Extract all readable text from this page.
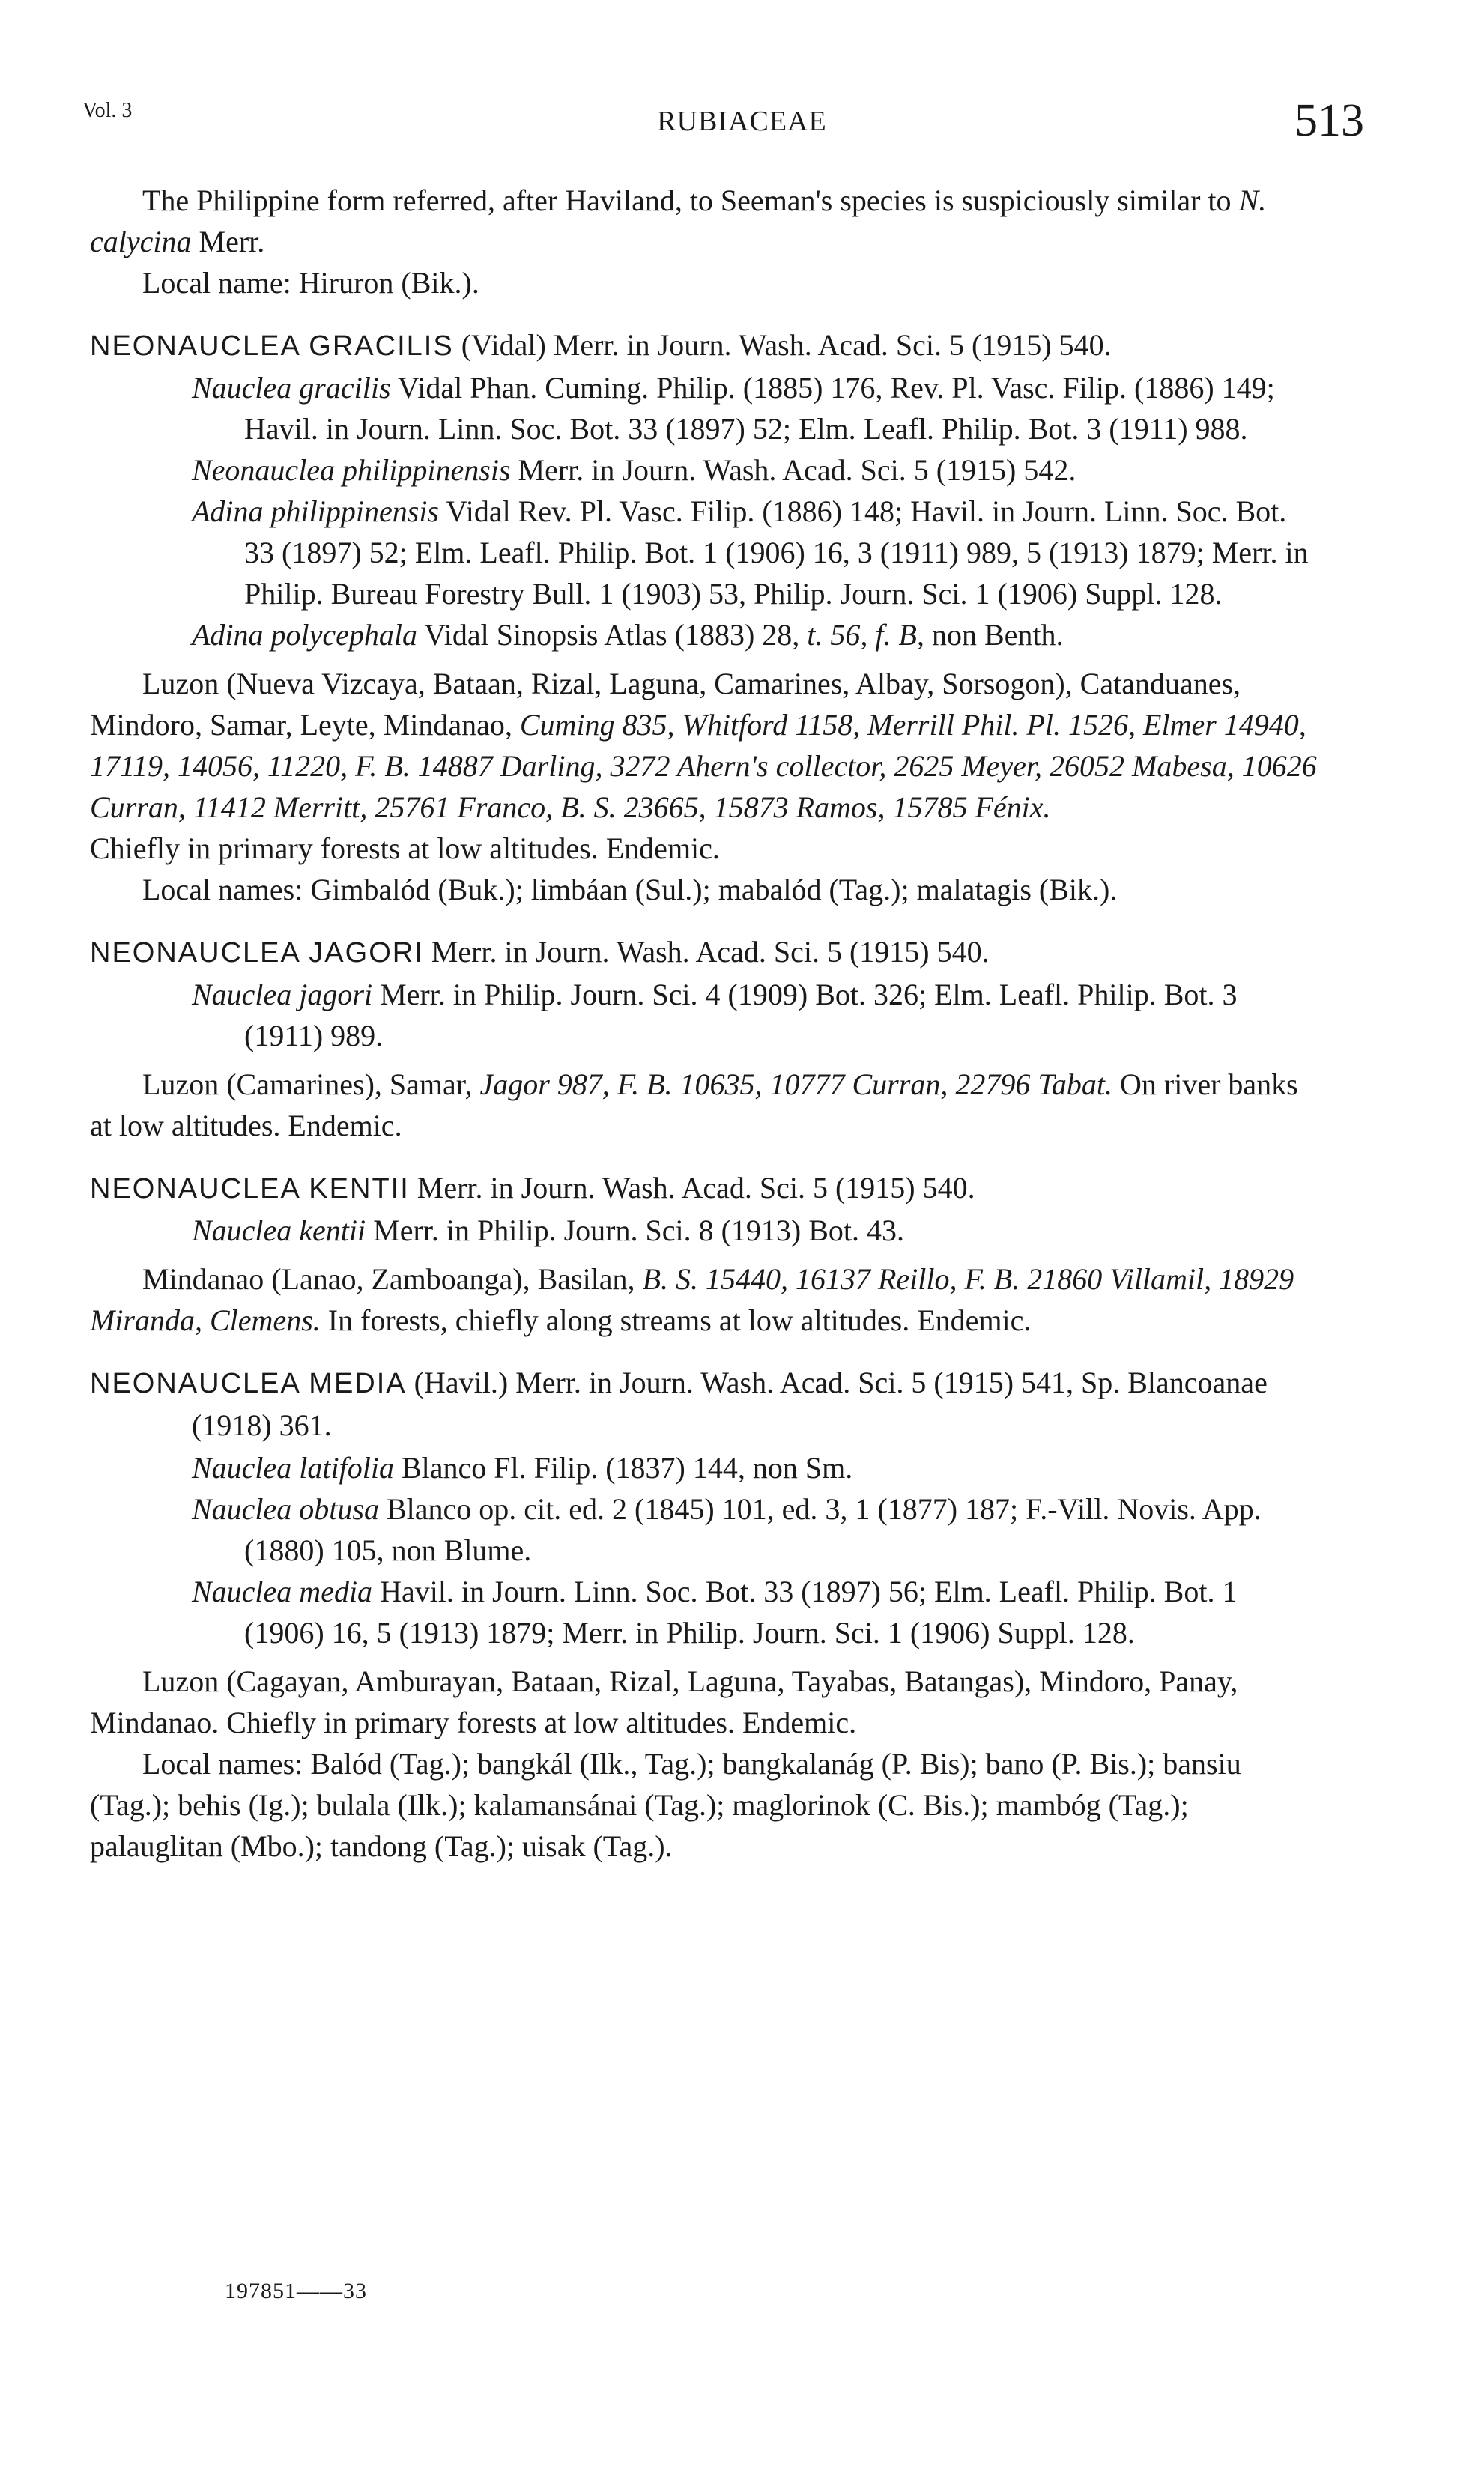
Vol. 3	RUBIACEAE	513

The Philippine form referred, after Haviland, to Seeman's species is suspiciously similar to N. calycina Merr.

Local name: Hiruron (Bik.).

NEONAUCLEA GRACILIS (Vidal) Merr. in Journ. Wash. Acad. Sci. 5 (1915) 540.

Nauclea gracilis Vidal Phan. Cuming. Philip. (1885) 176, Rev. Pl. Vasc. Filip. (1886) 149; Havil. in Journ. Linn. Soc. Bot. 33 (1897) 52; Elm. Leafl. Philip. Bot. 3 (1911) 988.

Neonauclea philippinensis Merr. in Journ. Wash. Acad. Sci. 5 (1915) 542.

Adina philippinensis Vidal Rev. Pl. Vasc. Filip. (1886) 148; Havil. in Journ. Linn. Soc. Bot. 33 (1897) 52; Elm. Leafl. Philip. Bot. 1 (1906) 16, 3 (1911) 989, 5 (1913) 1879; Merr. in Philip. Bureau Forestry Bull. 1 (1903) 53, Philip. Journ. Sci. 1 (1906) Suppl. 128.

Adina polycephala Vidal Sinopsis Atlas (1883) 28, t. 56, f. B, non Benth.

Luzon (Nueva Vizcaya, Bataan, Rizal, Laguna, Camarines, Albay, Sorsogon), Catanduanes, Mindoro, Samar, Leyte, Mindanao, Cuming 835, Whitford 1158, Merrill Phil. Pl. 1526, Elmer 14940, 17119, 14056, 11220, F. B. 14887 Darling, 3272 Ahern's collector, 2625 Meyer, 26052 Mabesa, 10626 Curran, 11412 Merritt, 25761 Franco, B. S. 23665, 15873 Ramos, 15785 Fénix.

Chiefly in primary forests at low altitudes. Endemic.

Local names: Gimbalód (Buk.); limbáan (Sul.); mabalód (Tag.); malatagis (Bik.).

NEONAUCLEA JAGORI Merr. in Journ. Wash. Acad. Sci. 5 (1915) 540.

Nauclea jagori Merr. in Philip. Journ. Sci. 4 (1909) Bot. 326; Elm. Leafl. Philip. Bot. 3 (1911) 989.

Luzon (Camarines), Samar, Jagor 987, F. B. 10635, 10777 Curran, 22796 Tabat. On river banks at low altitudes. Endemic.

NEONAUCLEA KENTII Merr. in Journ. Wash. Acad. Sci. 5 (1915) 540.

Nauclea kentii Merr. in Philip. Journ. Sci. 8 (1913) Bot. 43.

Mindanao (Lanao, Zamboanga), Basilan, B. S. 15440, 16137 Reillo, F. B. 21860 Villamil, 18929 Miranda, Clemens. In forests, chiefly along streams at low altitudes. Endemic.

NEONAUCLEA MEDIA (Havil.) Merr. in Journ. Wash. Acad. Sci. 5 (1915) 541, Sp. Blancoanae (1918) 361.

Nauclea latifolia Blanco Fl. Filip. (1837) 144, non Sm.

Nauclea obtusa Blanco op. cit. ed. 2 (1845) 101, ed. 3, 1 (1877) 187; F.-Vill. Novis. App. (1880) 105, non Blume.

Nauclea media Havil. in Journ. Linn. Soc. Bot. 33 (1897) 56; Elm. Leafl. Philip. Bot. 1 (1906) 16, 5 (1913) 1879; Merr. in Philip. Journ. Sci. 1 (1906) Suppl. 128.

Luzon (Cagayan, Amburayan, Bataan, Rizal, Laguna, Tayabas, Batangas), Mindoro, Panay, Mindanao. Chiefly in primary forests at low altitudes. Endemic.

Local names: Balód (Tag.); bangkál (Ilk., Tag.); bangkalanág (P. Bis); bano (P. Bis.); bansiu (Tag.); behis (Ig.); bulala (Ilk.); kalamansánai (Tag.); maglorinok (C. Bis.); mambóg (Tag.); palauglitan (Mbo.); tandong (Tag.); uisak (Tag.).

197851——33
